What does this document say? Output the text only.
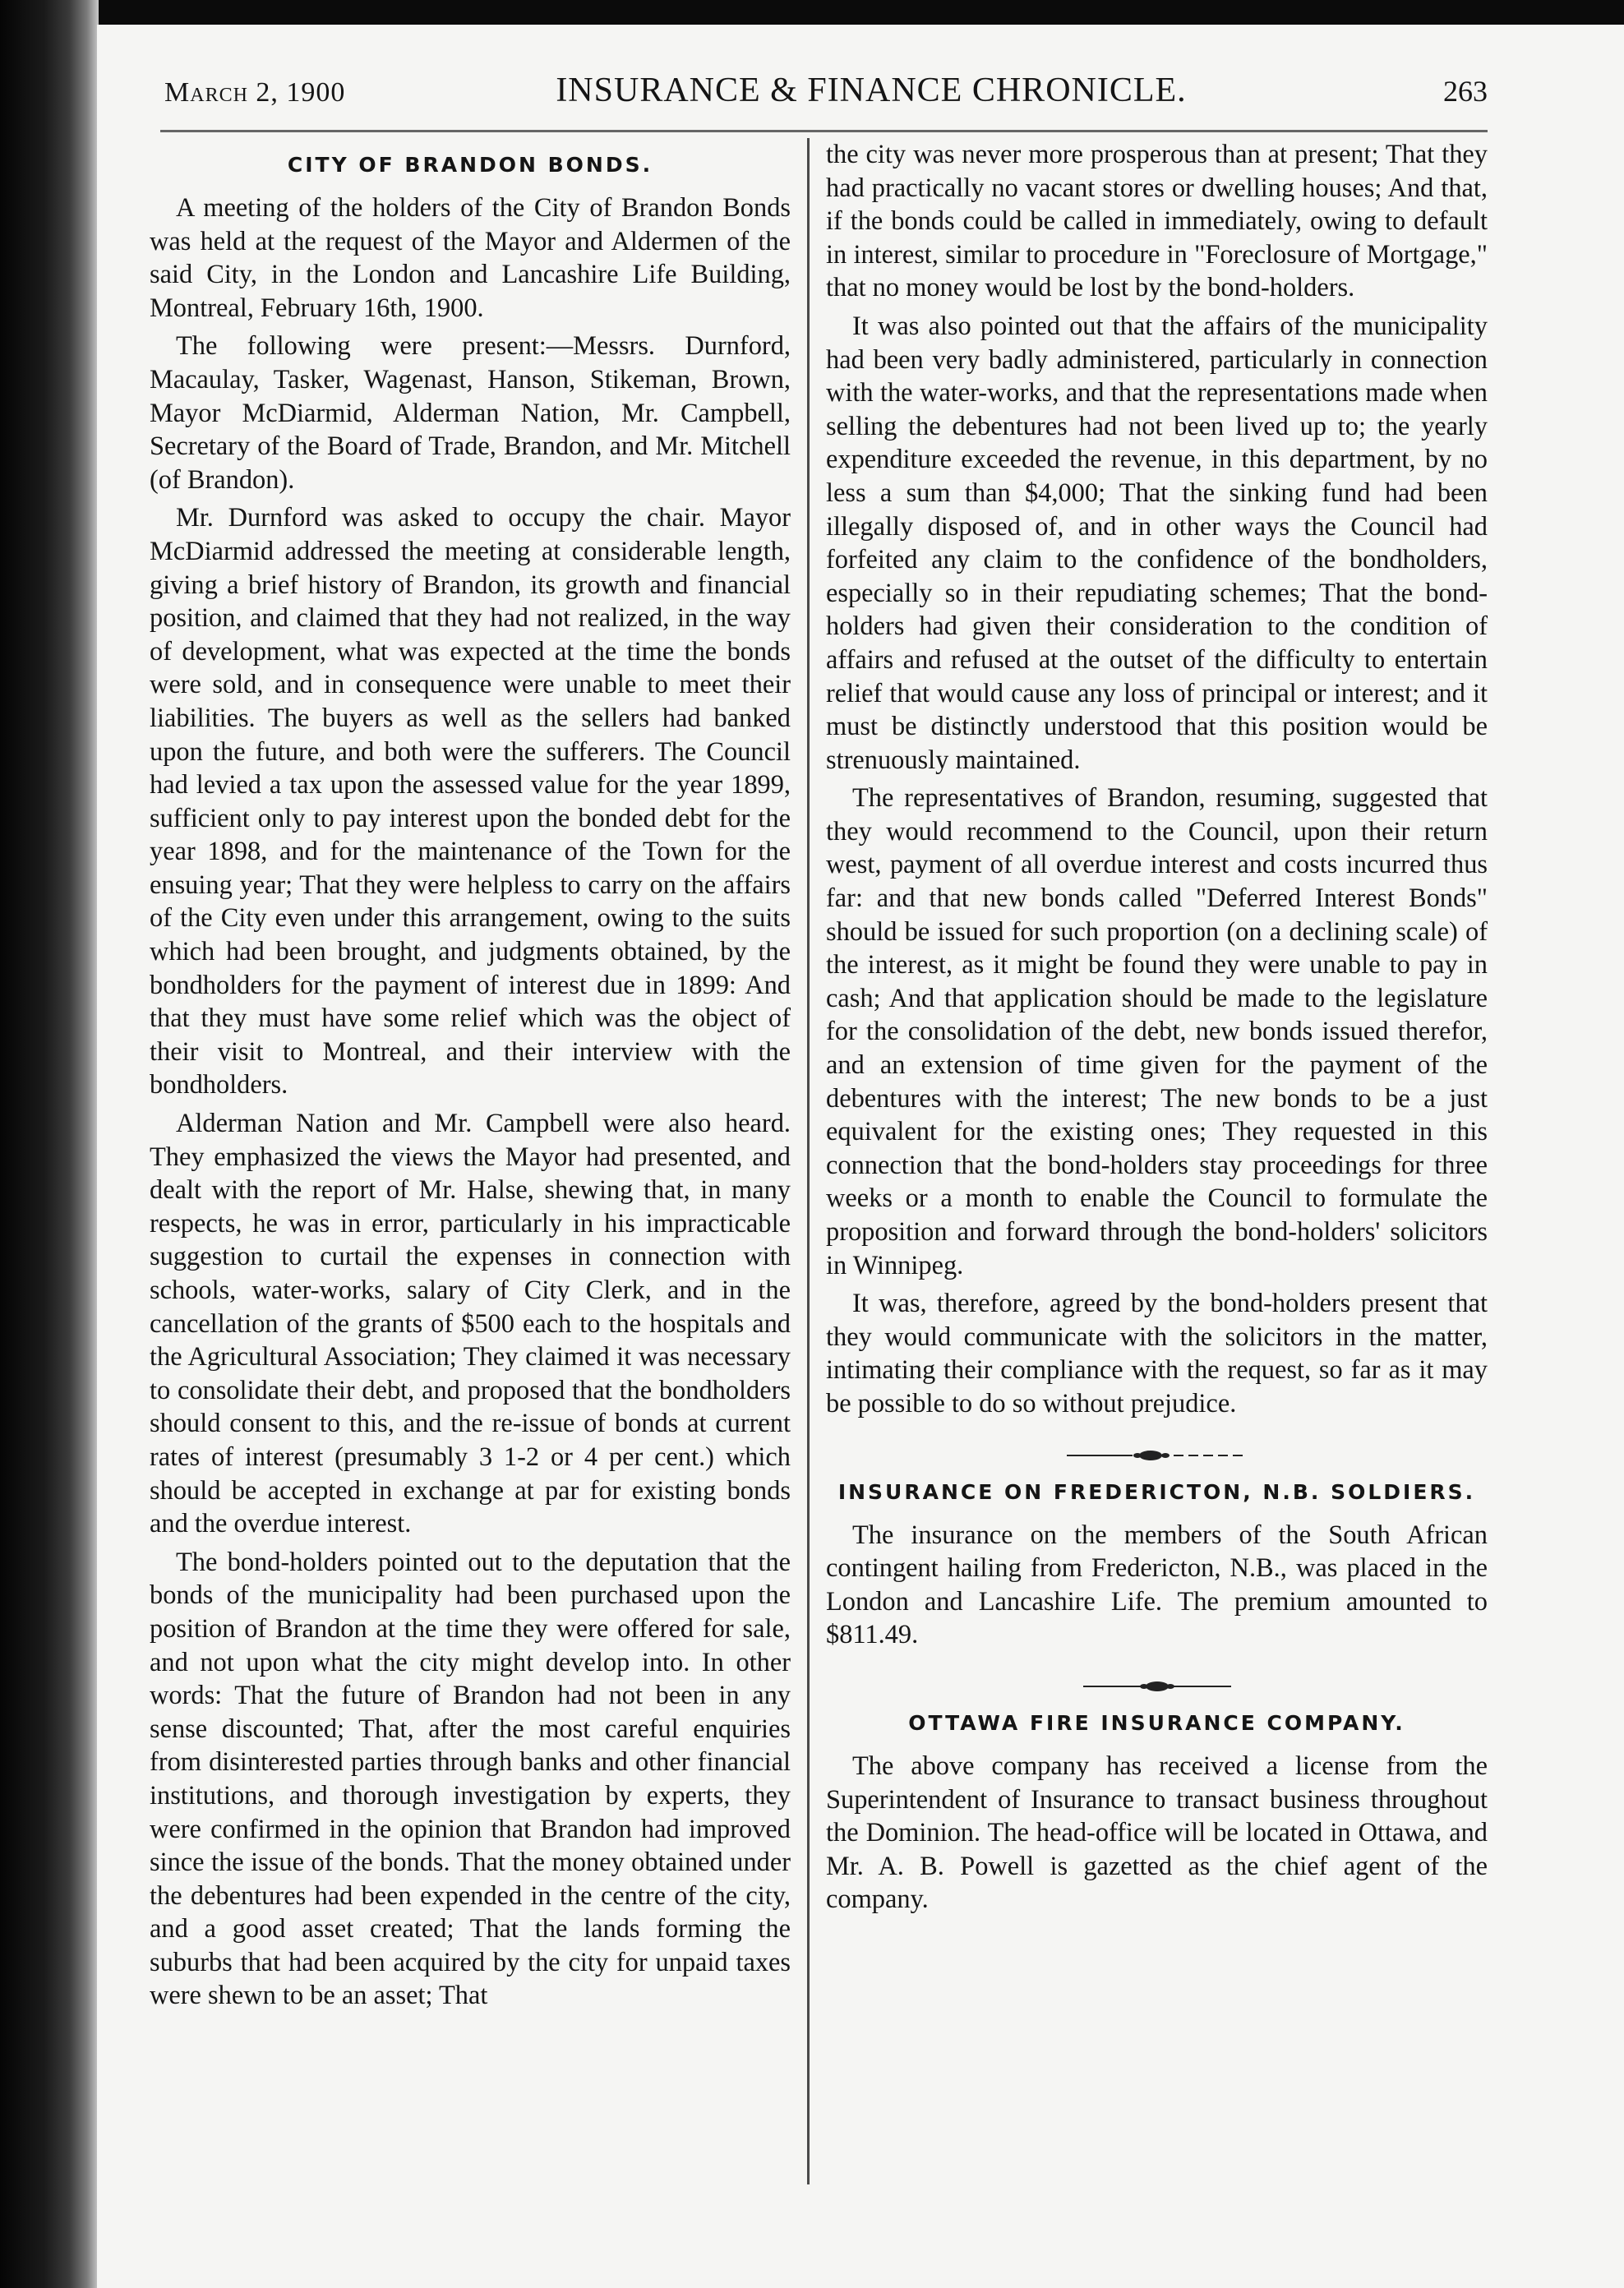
March 2, 1900	INSURANCE & FINANCE CHRONICLE.	263
CITY OF BRANDON BONDS.

A meeting of the holders of the City of Brandon Bonds was held at the request of the Mayor and Aldermen of the said City, in the London and Lancashire Life Building, Montreal, February 16th, 1900.

The following were present:—Messrs. Durnford, Macaulay, Tasker, Wagenast, Hanson, Stikeman, Brown, Mayor McDiarmid, Alderman Nation, Mr. Campbell, Secretary of the Board of Trade, Brandon, and Mr. Mitchell (of Brandon).

Mr. Durnford was asked to occupy the chair. Mayor McDiarmid addressed the meeting at considerable length, giving a brief history of Brandon, its growth and financial position, and claimed that they had not realized, in the way of development, what was expected at the time the bonds were sold, and in consequence were unable to meet their liabilities. The buyers as well as the sellers had banked upon the future, and both were the sufferers. The Council had levied a tax upon the assessed value for the year 1899, sufficient only to pay interest upon the bonded debt for the year 1898, and for the maintenance of the Town for the ensuing year; That they were helpless to carry on the affairs of the City even under this arrangement, owing to the suits which had been brought, and judgments obtained, by the bondholders for the payment of interest due in 1899: And that they must have some relief which was the object of their visit to Montreal, and their interview with the bondholders.

Alderman Nation and Mr. Campbell were also heard. They emphasized the views the Mayor had presented, and dealt with the report of Mr. Halse, shewing that, in many respects, he was in error, particularly in his impracticable suggestion to curtail the expenses in connection with schools, water-works, salary of City Clerk, and in the cancellation of the grants of $500 each to the hospitals and the Agricultural Association; They claimed it was necessary to consolidate their debt, and proposed that the bondholders should consent to this, and the re-issue of bonds at current rates of interest (presumably 3 1-2 or 4 per cent.) which should be accepted in exchange at par for existing bonds and the overdue interest.

The bond-holders pointed out to the deputation that the bonds of the municipality had been purchased upon the position of Brandon at the time they were offered for sale, and not upon what the city might develop into. In other words: That the future of Brandon had not been in any sense discounted; That, after the most careful enquiries from disinterested parties through banks and other financial institutions, and thorough investigation by experts, they were confirmed in the opinion that Brandon had improved since the issue of the bonds. That the money obtained under the debentures had been expended in the centre of the city, and a good asset created; That the lands forming the suburbs that had been acquired by the city for unpaid taxes were shewn to be an asset; That

the city was never more prosperous than at present; That they had practically no vacant stores or dwelling houses; And that, if the bonds could be called in immediately, owing to default in interest, similar to procedure in "Foreclosure of Mortgage," that no money would be lost by the bond-holders.

It was also pointed out that the affairs of the municipality had been very badly administered, particularly in connection with the water-works, and that the representations made when selling the debentures had not been lived up to; the yearly expenditure exceeded the revenue, in this department, by no less a sum than $4,000; That the sinking fund had been illegally disposed of, and in other ways the Council had forfeited any claim to the confidence of the bondholders, especially so in their repudiating schemes; That the bond-holders had given their consideration to the condition of affairs and refused at the outset of the difficulty to entertain relief that would cause any loss of principal or interest; and it must be distinctly understood that this position would be strenuously maintained.

The representatives of Brandon, resuming, suggested that they would recommend to the Council, upon their return west, payment of all overdue interest and costs incurred thus far: and that new bonds called "Deferred Interest Bonds" should be issued for such proportion (on a declining scale) of the interest, as it might be found they were unable to pay in cash; And that application should be made to the legislature for the consolidation of the debt, new bonds issued therefor, and an extension of time given for the payment of the debentures with the interest; The new bonds to be a just equivalent for the existing ones; They requested in this connection that the bond-holders stay proceedings for three weeks or a month to enable the Council to formulate the proposition and forward through the bond-holders' solicitors in Winnipeg.

It was, therefore, agreed by the bond-holders present that they would communicate with the solicitors in the matter, intimating their compliance with the request, so far as it may be possible to do so without prejudice.

INSURANCE ON FREDERICTON, N.B. SOLDIERS.

The insurance on the members of the South African contingent hailing from Fredericton, N.B., was placed in the London and Lancashire Life. The premium amounted to $811.49.

OTTAWA FIRE INSURANCE COMPANY.

The above company has received a license from the Superintendent of Insurance to transact business throughout the Dominion. The head-office will be located in Ottawa, and Mr. A. B. Powell is gazetted as the chief agent of the company.
